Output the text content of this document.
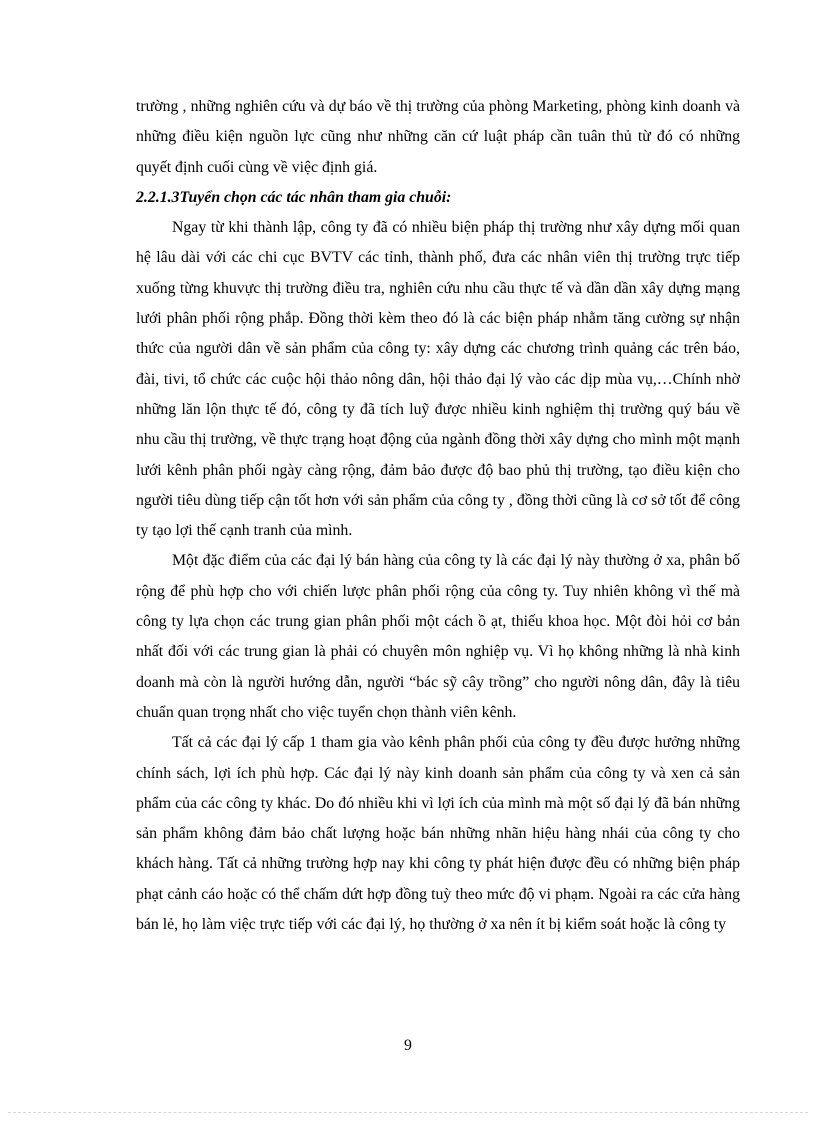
trường , những nghiên cứu và dự báo về thị trường của phòng Marketing, phòng kinh doanh và những điều kiện nguồn lực cũng như những căn cứ luật pháp cần tuân thủ từ đó có những quyết định cuối cùng về việc định giá.

2.2.1.3Tuyển chọn các tác nhân tham gia chuỗi:

Ngay từ khi thành lập, công ty đã có nhiều biện pháp thị trường như xây dựng mối quan hệ lâu dài với các chi cục BVTV các tỉnh, thành phố, đưa các nhân viên thị trường trực tiếp xuống từng khuvực thị trường điều tra, nghiên cứu nhu cầu thực tế và dần dần xây dựng mạng lưới phân phối rộng phắp. Đồng thời kèm theo đó là các biện pháp nhằm tăng cường sự nhận thức của người dân về sản phẩm của công ty: xây dựng các chương trình quảng các trên báo, đài, tivi, tổ chức các cuộc hội thảo nông dân, hội thảo đại lý vào các dịp mùa vụ,…Chính nhờ những lăn lộn thực tế đó, công ty đã tích luỹ được nhiều kinh nghiệm thị trường quý báu về nhu cầu thị trường, về thực trạng hoạt động của ngành đồng thời xây dựng cho mình một mạnh lưới kênh phân phối ngày càng rộng, đảm bảo được độ bao phủ thị trường, tạo điều kiện cho người tiêu dùng tiếp cận tốt hơn với sản phẩm của công ty , đồng thời cũng là cơ sở tốt để công ty tạo lợi thế cạnh tranh của mình.

Một đặc điểm của các đại lý bán hàng của công ty là các đại lý này thường ở xa, phân bố rộng để phù hợp cho với chiến lược phân phối rộng của công ty. Tuy nhiên không vì thế mà công ty lựa chọn các trung gian phân phối một cách ồ ạt, thiếu khoa học. Một đòi hỏi cơ bản nhất đối với các trung gian là phải có chuyên môn nghiệp vụ. Vì họ không những là nhà kinh doanh mà còn là người hướng dẫn, người “bác sỹ cây trồng” cho người nông dân, đây là tiêu chuẩn quan trọng nhất cho việc tuyển chọn thành viên kênh.

Tất cả các đại lý cấp 1 tham gia vào kênh phân phối của công ty đều được hưởng những chính sách, lợi ích phù hợp. Các đại lý này kinh doanh sản phẩm của công ty và xen cả sản phẩm của các công ty khác. Do đó nhiều khi vì lợi ích của mình mà một số đại lý đã bán những sản phẩm không đảm bảo chất lượng hoặc bán những nhãn hiệu hàng nhái của công ty cho khách hàng. Tất cả những trường hợp nay khi công ty phát hiện được đều có những biện pháp phạt cảnh cáo hoặc có thể chấm dứt hợp đồng tuỳ theo mức độ vi phạm. Ngoài ra các cửa hàng bán lẻ, họ làm việc trực tiếp với các đại lý, họ thường ở xa nên ít bị kiểm soát hoặc là công ty

9
